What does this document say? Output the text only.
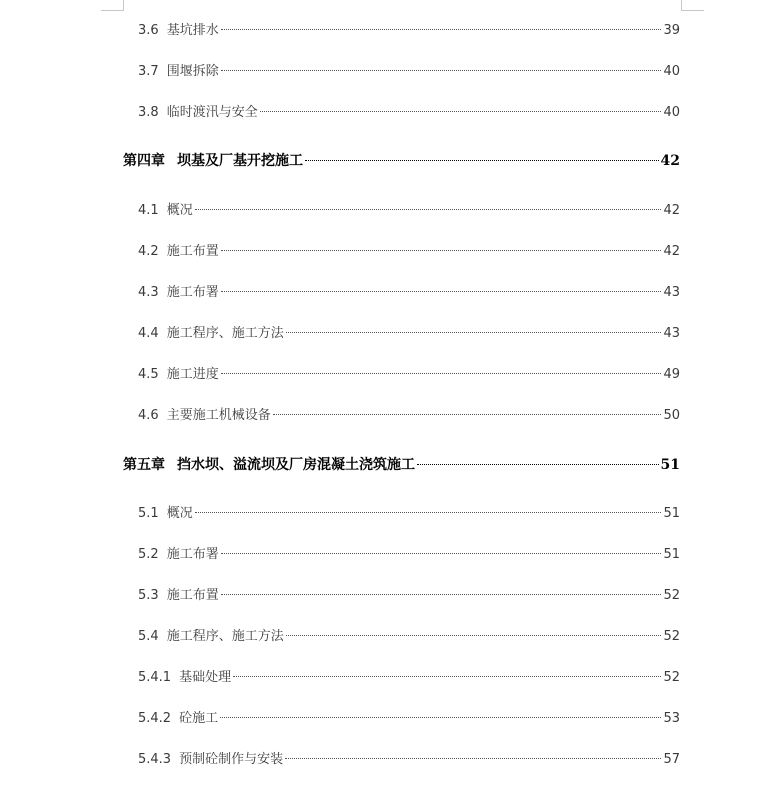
3.6 基坑排水	39
3.7 围堰拆除	40
3.8 临时渡汛与安全	40
第四章 坝基及厂基开挖施工	42
4.1 概况	42
4.2 施工布置	42
4.3 施工布署	43
4.4 施工程序、施工方法	43
4.5 施工进度	49
4.6 主要施工机械设备	50
第五章 挡水坝、溢流坝及厂房混凝土浇筑施工	51
5.1 概况	51
5.2 施工布署	51
5.3 施工布置	52
5.4 施工程序、施工方法	52
5.4.1 基础处理	52
5.4.2 砼施工	53
5.4.3 预制砼制作与安装	57
